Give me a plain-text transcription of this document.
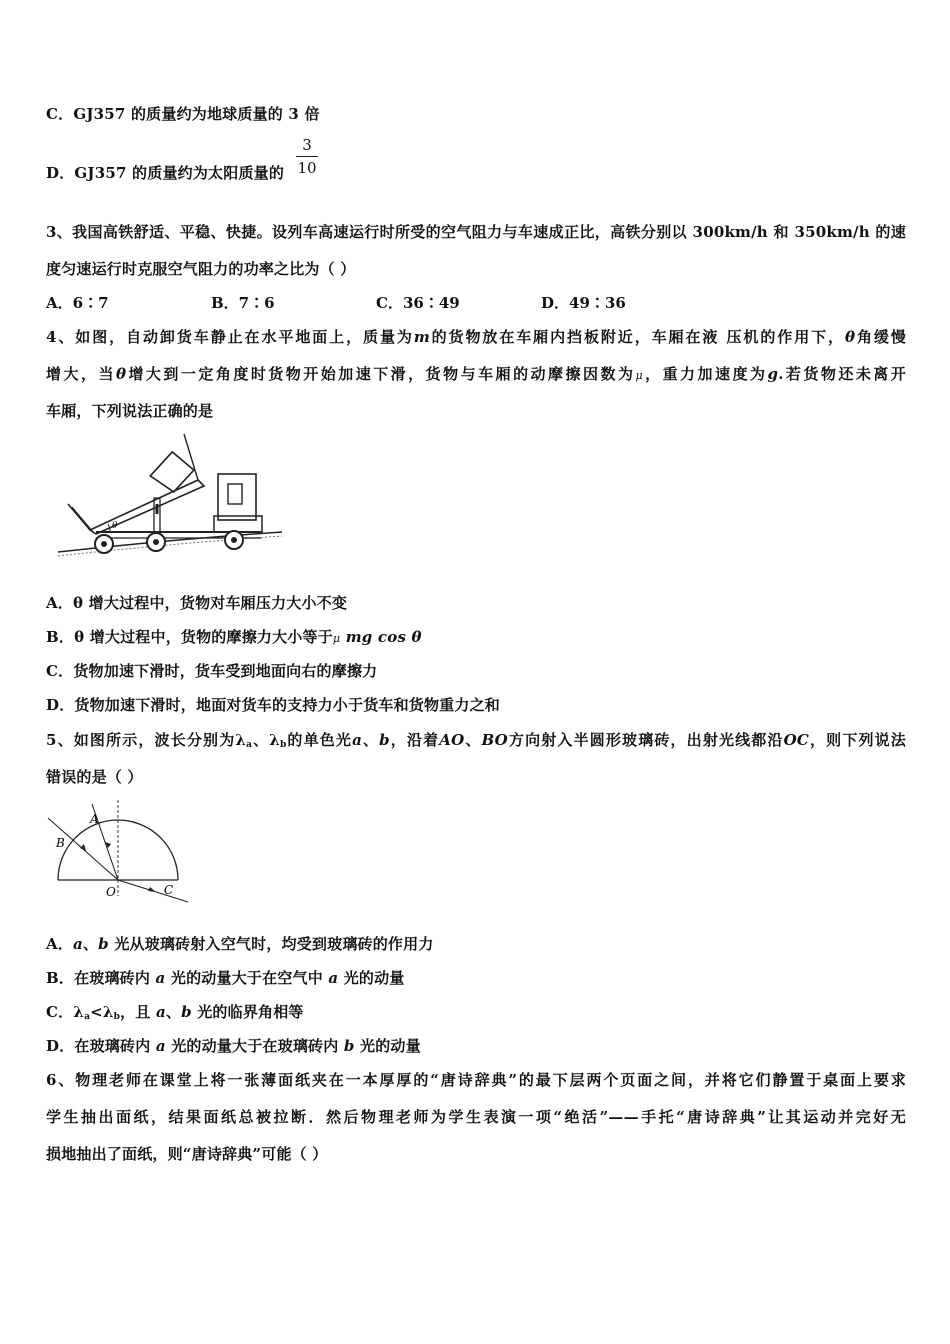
C．GJ357 的质量约为地球质量的 3 倍
D．GJ357 的质量约为太阳质量的
3
10
3、我国高铁舒适、平稳、快捷。设列车高速运行时所受的空气阻力与车速成正比，高铁分别以 300km/h 和 350km/h 的速
度匀速运行时克服空气阻力的功率之比为（ ）
A．6∶7	B．7∶6	C．36∶49	D．49∶36
4、如图，自动卸货车静止在水平地面上，质量为m的货物放在车厢内挡板附近，车厢在液 压机的作用下，θ角缓慢
增大，当θ增大到一定角度时货物开始加速下滑，货物与车厢的动摩擦因数为μ，重力加速度为g.若货物还未离开
车厢，下列说法正确的是
θ
A．θ 增大过程中，货物对车厢压力大小不变
B．θ 增大过程中，货物的摩擦力大小等于μ mg cos θ
C．货物加速下滑时，货车受到地面向右的摩擦力
D．货物加速下滑时，地面对货车的支持力小于货车和货物重力之和
5、如图所示，波长分别为$\lambda_a$、$\lambda_b$的单色光a、b，沿着AO、BO方向射入半圆形玻璃砖，出射光线都沿OC，则下列说法
错误的是（ ）
A
B
O	C
A．a、b 光从玻璃砖射入空气时，均受到玻璃砖的作用力
B．在玻璃砖内 a 光的动量大于在空气中 a 光的动量
C．$\lambda_a<\lambda_b$，且 a、b 光的临界角相等
D．在玻璃砖内 a 光的动量大于在玻璃砖内 b 光的动量
6、物理老师在课堂上将一张薄面纸夹在一本厚厚的“唐诗辞典”的最下层两个页面之间，并将它们静置于桌面上要求
学生抽出面纸，结果面纸总被拉断．然后物理老师为学生表演一项“绝活”——手托“唐诗辞典”让其运动并完好无
损地抽出了面纸，则“唐诗辞典”可能（ ）
